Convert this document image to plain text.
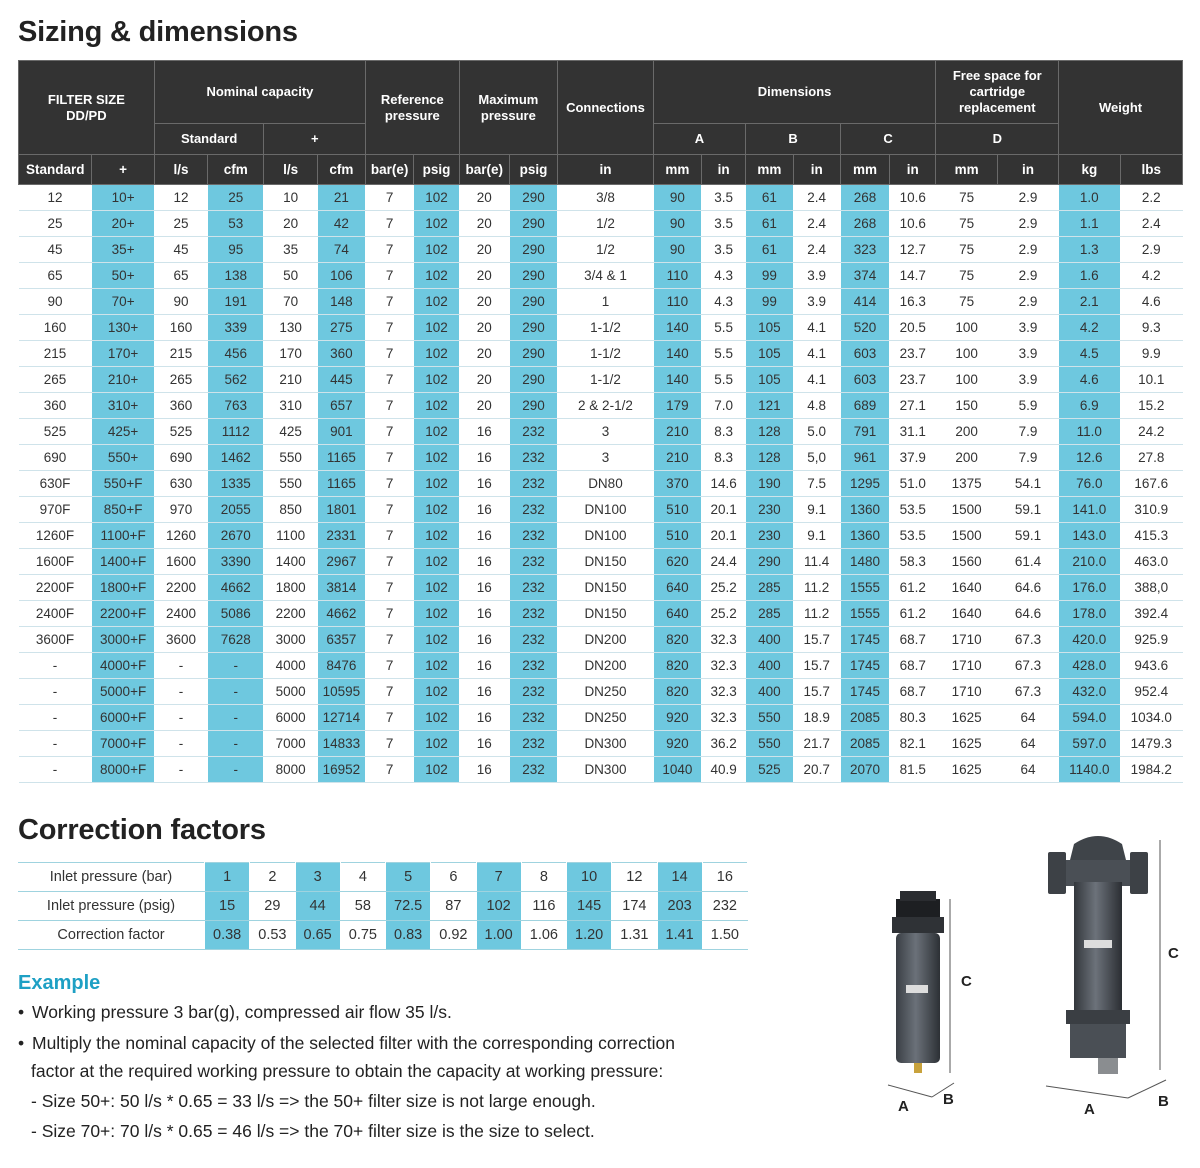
Sizing & dimensions
FILTER SIZE
DD/PD		Nominal capacity				Reference pressure		Maximum pressure		Connections	Dimensions						Free space for cartridge replacement		Weight	
		Standard		+							A		B		C		D			
Standard	+	l/s	cfm	l/s	cfm	bar(e)	psig	bar(e)	psig	in	mm	in	mm	in	mm	in	mm	in	kg	lbs
12	10+	12	25	10	21	7	102	20	290	3/8	90	3.5	61	2.4	268	10.6	75	2.9	1.0	2.2
25	20+	25	53	20	42	7	102	20	290	1/2	90	3.5	61	2.4	268	10.6	75	2.9	1.1	2.4
45	35+	45	95	35	74	7	102	20	290	1/2	90	3.5	61	2.4	323	12.7	75	2.9	1.3	2.9
65	50+	65	138	50	106	7	102	20	290	3/4 & 1	110	4.3	99	3.9	374	14.7	75	2.9	1.6	4.2
90	70+	90	191	70	148	7	102	20	290	1	110	4.3	99	3.9	414	16.3	75	2.9	2.1	4.6
160	130+	160	339	130	275	7	102	20	290	1-1/2	140	5.5	105	4.1	520	20.5	100	3.9	4.2	9.3
215	170+	215	456	170	360	7	102	20	290	1-1/2	140	5.5	105	4.1	603	23.7	100	3.9	4.5	9.9
265	210+	265	562	210	445	7	102	20	290	1-1/2	140	5.5	105	4.1	603	23.7	100	3.9	4.6	10.1
360	310+	360	763	310	657	7	102	20	290	2 & 2-1/2	179	7.0	121	4.8	689	27.1	150	5.9	6.9	15.2
525	425+	525	1112	425	901	7	102	16	232	3	210	8.3	128	5.0	791	31.1	200	7.9	11.0	24.2
690	550+	690	1462	550	1165	7	102	16	232	3	210	8.3	128	5,0	961	37.9	200	7.9	12.6	27.8
630F	550+F	630	1335	550	1165	7	102	16	232	DN80	370	14.6	190	7.5	1295	51.0	1375	54.1	76.0	167.6
970F	850+F	970	2055	850	1801	7	102	16	232	DN100	510	20.1	230	9.1	1360	53.5	1500	59.1	141.0	310.9
1260F	1100+F	1260	2670	1100	2331	7	102	16	232	DN100	510	20.1	230	9.1	1360	53.5	1500	59.1	143.0	415.3
1600F	1400+F	1600	3390	1400	2967	7	102	16	232	DN150	620	24.4	290	11.4	1480	58.3	1560	61.4	210.0	463.0
2200F	1800+F	2200	4662	1800	3814	7	102	16	232	DN150	640	25.2	285	11.2	1555	61.2	1640	64.6	176.0	388,0
2400F	2200+F	2400	5086	2200	4662	7	102	16	232	DN150	640	25.2	285	11.2	1555	61.2	1640	64.6	178.0	392.4
3600F	3000+F	3600	7628	3000	6357	7	102	16	232	DN200	820	32.3	400	15.7	1745	68.7	1710	67.3	420.0	925.9
-	4000+F	-	-	4000	8476	7	102	16	232	DN200	820	32.3	400	15.7	1745	68.7	1710	67.3	428.0	943.6
-	5000+F	-	-	5000	10595	7	102	16	232	DN250	820	32.3	400	15.7	1745	68.7	1710	67.3	432.0	952.4
-	6000+F	-	-	6000	12714	7	102	16	232	DN250	920	32.3	550	18.9	2085	80.3	1625	64	594.0	1034.0
-	7000+F	-	-	7000	14833	7	102	16	232	DN300	920	36.2	550	21.7	2085	82.1	1625	64	597.0	1479.3
-	8000+F	-	-	8000	16952	7	102	16	232	DN300	1040	40.9	525	20.7	2070	81.5	1625	64	1140.0	1984.2
Correction factors
Inlet pressure (bar)	1	2	3	4	5	6	7	8	10	12	14	16
Inlet pressure (psig)	15	29	44	58	72.5	87	102	116	145	174	203	232
Correction factor	0.38	0.53	0.65	0.75	0.83	0.92	1.00	1.06	1.20	1.31	1.41	1.50
Example
• Working pressure 3 bar(g), compressed air flow 35 l/s.
• Multiply the nominal capacity of the selected filter with the corresponding correction
factor at the required working pressure to obtain the capacity at working pressure:
- Size 50+: 50 l/s * 0.65 = 33 l/s => the 50+ filter size is not large enough.
- Size 70+: 70 l/s * 0.65 = 46 l/s => the 70+ filter size is the size to select.
C
A B
C
A	B
